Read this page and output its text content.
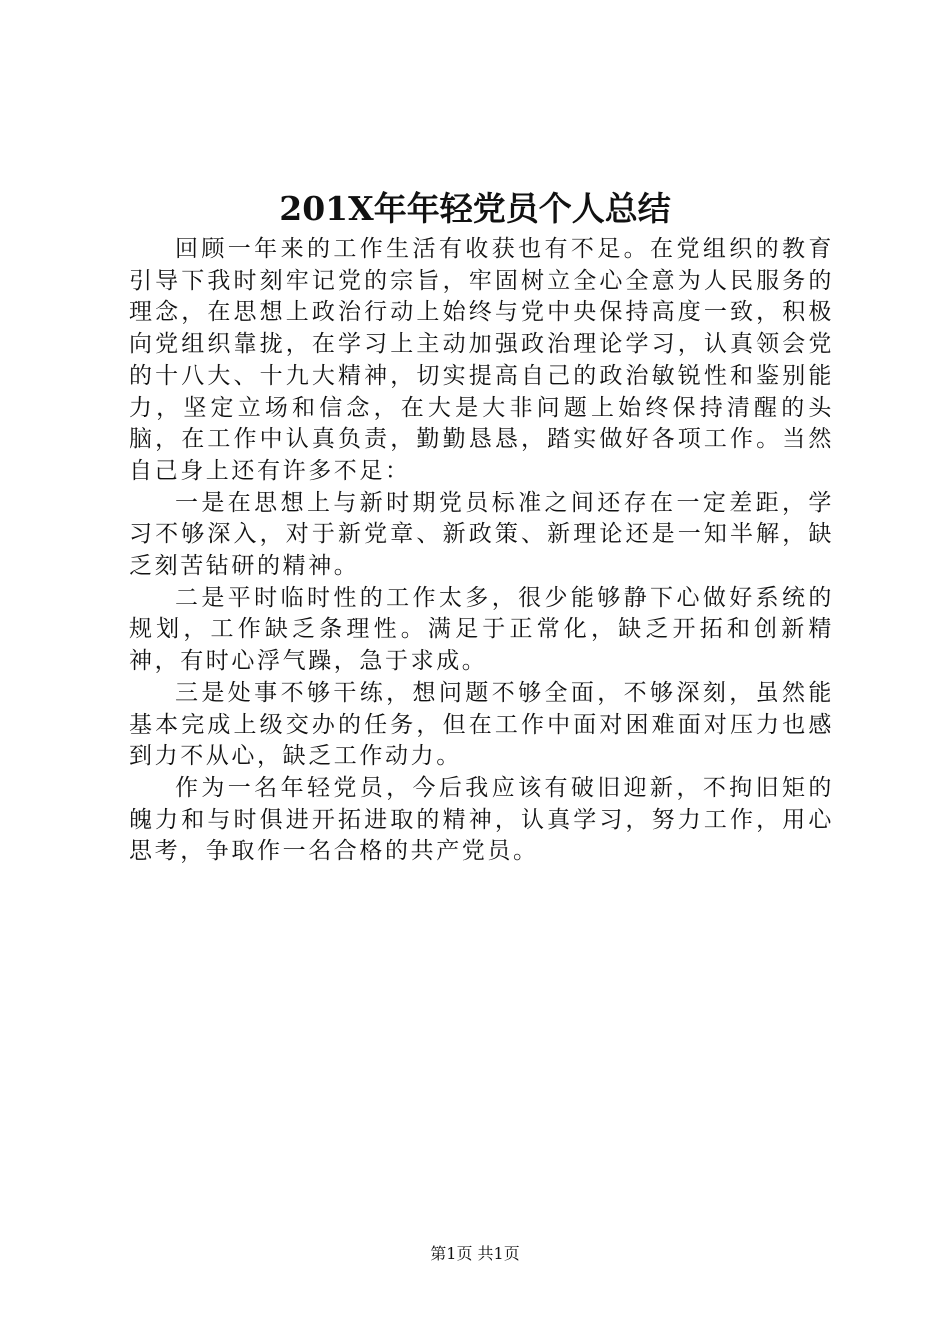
201X年年轻党员个人总结

回顾一年来的工作生活有收获也有不足。在党组织的教育引导下我时刻牢记党的宗旨，牢固树立全心全意为人民服务的理念，在思想上政治行动上始终与党中央保持高度一致，积极向党组织靠拢，在学习上主动加强政治理论学习，认真领会党的十八大、十九大精神，切实提高自己的政治敏锐性和鉴别能力，坚定立场和信念，在大是大非问题上始终保持清醒的头脑，在工作中认真负责，勤勤恳恳，踏实做好各项工作。当然自己身上还有许多不足：

一是在思想上与新时期党员标准之间还存在一定差距，学习不够深入，对于新党章、新政策、新理论还是一知半解，缺乏刻苦钻研的精神。

二是平时临时性的工作太多，很少能够静下心做好系统的规划，工作缺乏条理性。满足于正常化，缺乏开拓和创新精神，有时心浮气躁，急于求成。

三是处事不够干练，想问题不够全面，不够深刻，虽然能基本完成上级交办的任务，但在工作中面对困难面对压力也感到力不从心，缺乏工作动力。

作为一名年轻党员，今后我应该有破旧迎新，不拘旧矩的魄力和与时俱进开拓进取的精神，认真学习，努力工作，用心思考，争取作一名合格的共产党员。

第1页 共1页
